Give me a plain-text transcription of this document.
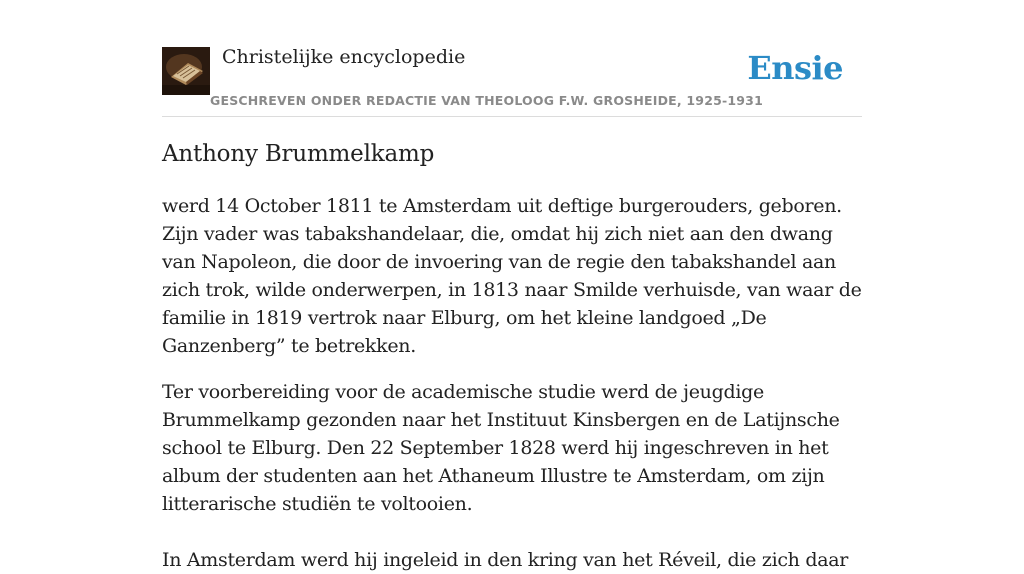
Christelijke encyclopedie
GESCHREVEN ONDER REDACTIE VAN THEOLOOG F.W. GROSHEIDE, 1925-1931
Ensie
Anthony Brummelkamp

werd 14 October 1811 te Amsterdam uit deftige burgerouders, geboren. Zijn vader was tabakshandelaar, die, omdat hij zich niet aan den dwang van Napoleon, die door de invoering van de regie den tabakshandel aan zich trok, wilde onderwerpen, in 1813 naar Smilde verhuisde, van waar de familie in 1819 vertrok naar Elburg, om het kleine landgoed „De Ganzenberg” te betrekken.

Ter voorbereiding voor de academische studie werd de jeugdige Brummelkamp gezonden naar het Instituut Kinsbergen en de Latijnsche school te Elburg. Den 22 September 1828 werd hij ingeschreven in het album der studenten aan het Athaneum Illustre te Amsterdam, om zijn litterarische studiën te voltooien.

In Amsterdam werd hij ingeleid in den kring van het Réveil, die zich daar
